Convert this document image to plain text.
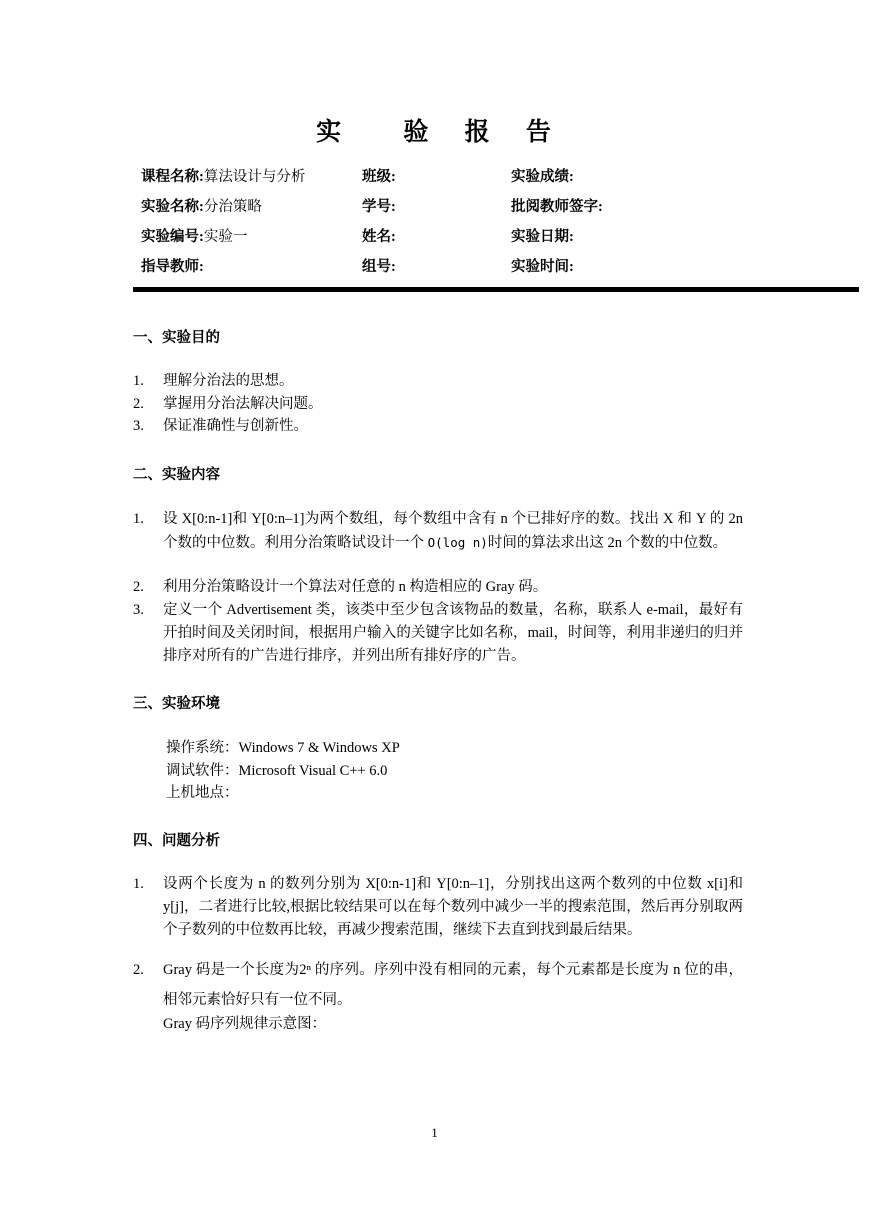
实 验 报 告
课程名称:算法设计与分析
实验名称:分治策略
实验编号:实验一
指导教师:
班级:
学号:
姓名:
组号:
实验成绩:
批阅教师签字:
实验日期:
实验时间:
一、实验目的
1. 理解分治法的思想。
2. 掌握用分治法解决问题。
3. 保证准确性与创新性。
二、实验内容
1. 设 X[0:n-1]和 Y[0:n–1]为两个数组，每个数组中含有 n 个已排好序的数。找出 X 和 Y 的 2n 个数的中位数。利用分治策略试设计一个 O(log n)时间的算法求出这 2n 个数的中位数。
2. 利用分治策略设计一个算法对任意的 n 构造相应的 Gray 码。
3. 定义一个 Advertisement 类，该类中至少包含该物品的数量，名称，联系人 e-mail，最好有开拍时间及关闭时间，根据用户输入的关键字比如名称，mail，时间等，利用非递归的归并排序对所有的广告进行排序，并列出所有排好序的广告。
三、实验环境
操作系统：Windows 7 & Windows XP
调试软件：Microsoft Visual C++ 6.0
上机地点：
四、问题分析
1. 设两个长度为 n 的数列分别为 X[0:n-1]和 Y[0:n–1]，分别找出这两个数列的中位数 x[i]和 y[j]，二者进行比较,根据比较结果可以在每个数列中减少一半的搜索范围，然后再分别取两个子数列的中位数再比较，再减少搜索范围，继续下去直到找到最后结果。
2. Gray 码是一个长度为2ⁿ 的序列。序列中没有相同的元素，每个元素都是长度为 n 位的串，相邻元素恰好只有一位不同。
Gray 码序列规律示意图：
1
